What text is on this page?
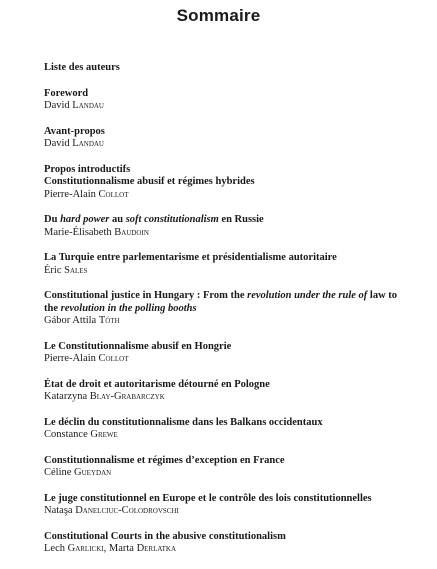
Sommaire
Liste des auteurs
Foreword
David Landau
Avant-propos
David Landau
Propos introductifs
Constitutionnalisme abusif et régimes hybrides
Pierre-Alain Collot
Du hard power au soft constitutionalism en Russie
Marie-Élisabeth Baudoin
La Turquie entre parlementarisme et présidentialisme autoritaire
Éric Sales
Constitutional justice in Hungary : From the revolution under the rule of law to the revolution in the polling booths
Gábor Attila Tóth
Le Constitutionnalisme abusif en Hongrie
Pierre-Alain Collot
État de droit et autoritarisme détourné en Pologne
Katarzyna Blay-Grabarczyk
Le déclin du constitutionnalisme dans les Balkans occidentaux
Constance Grewe
Constitutionnalisme et régimes d’exception en France
Céline Gueydan
Le juge constitutionnel en Europe et le contrôle des lois constitutionnelles
Nataşa Danelciuc-Colodrovschi
Constitutional Courts in the abusive constitutionalism
Lech Garlicki, Marta Derlatka
